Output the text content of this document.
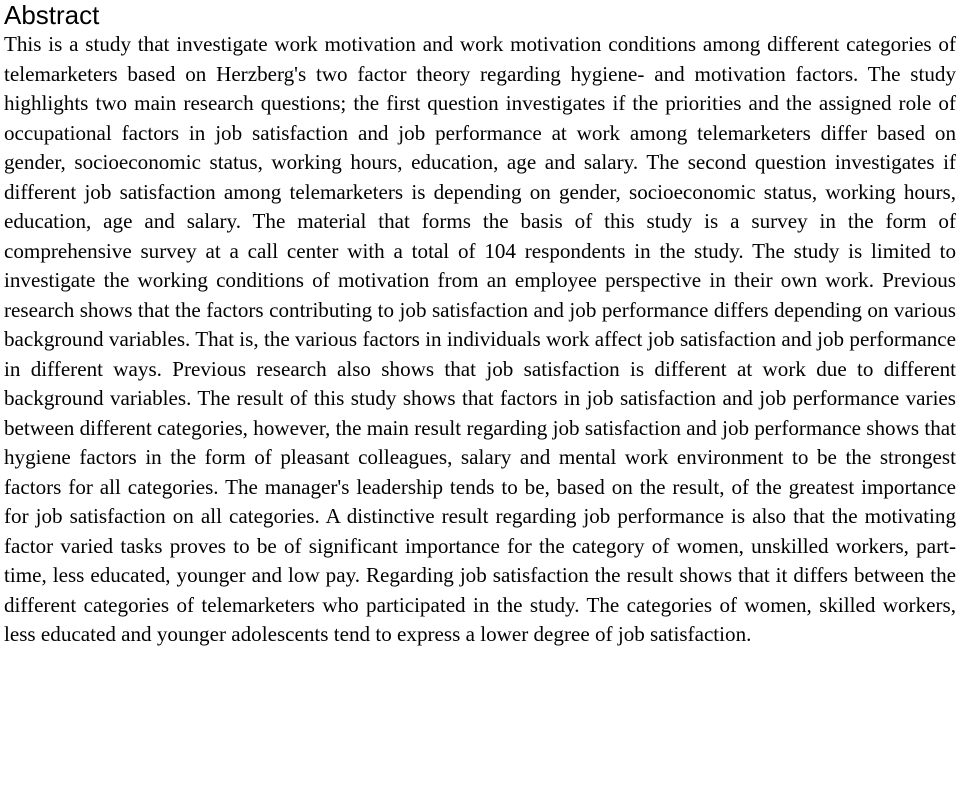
Abstract

This is a study that investigate work motivation and work motivation conditions among different categories of telemarketers based on Herzberg's two factor theory regarding hygiene- and motivation factors. The study highlights two main research questions; the first question investigates if the priorities and the assigned role of occupational factors in job satisfaction and job performance at work among telemarketers differ based on gender, socioeconomic status, working hours, education, age and salary. The second question investigates if different job satisfaction among telemarketers is depending on gender, socioeconomic status, working hours, education, age and salary. The material that forms the basis of this study is a survey in the form of comprehensive survey at a call center with a total of 104 respondents in the study. The study is limited to investigate the working conditions of motivation from an employee perspective in their own work. Previous research shows that the factors contributing to job satisfaction and job performance differs depending on various background variables. That is, the various factors in individuals work affect job satisfaction and job performance in different ways. Previous research also shows that job satisfaction is different at work due to different background variables. The result of this study shows that factors in job satisfaction and job performance varies between different categories, however, the main result regarding job satisfaction and job performance shows that hygiene factors in the form of pleasant colleagues, salary and mental work environment to be the strongest factors for all categories. The manager's leadership tends to be, based on the result, of the greatest importance for job satisfaction on all categories. A distinctive result regarding job performance is also that the motivating factor varied tasks proves to be of significant importance for the category of women, unskilled workers, part-time, less educated, younger and low pay. Regarding job satisfaction the result shows that it differs between the different categories of telemarketers who participated in the study. The categories of women, skilled workers, less educated and younger adolescents tend to express a lower degree of job satisfaction.
